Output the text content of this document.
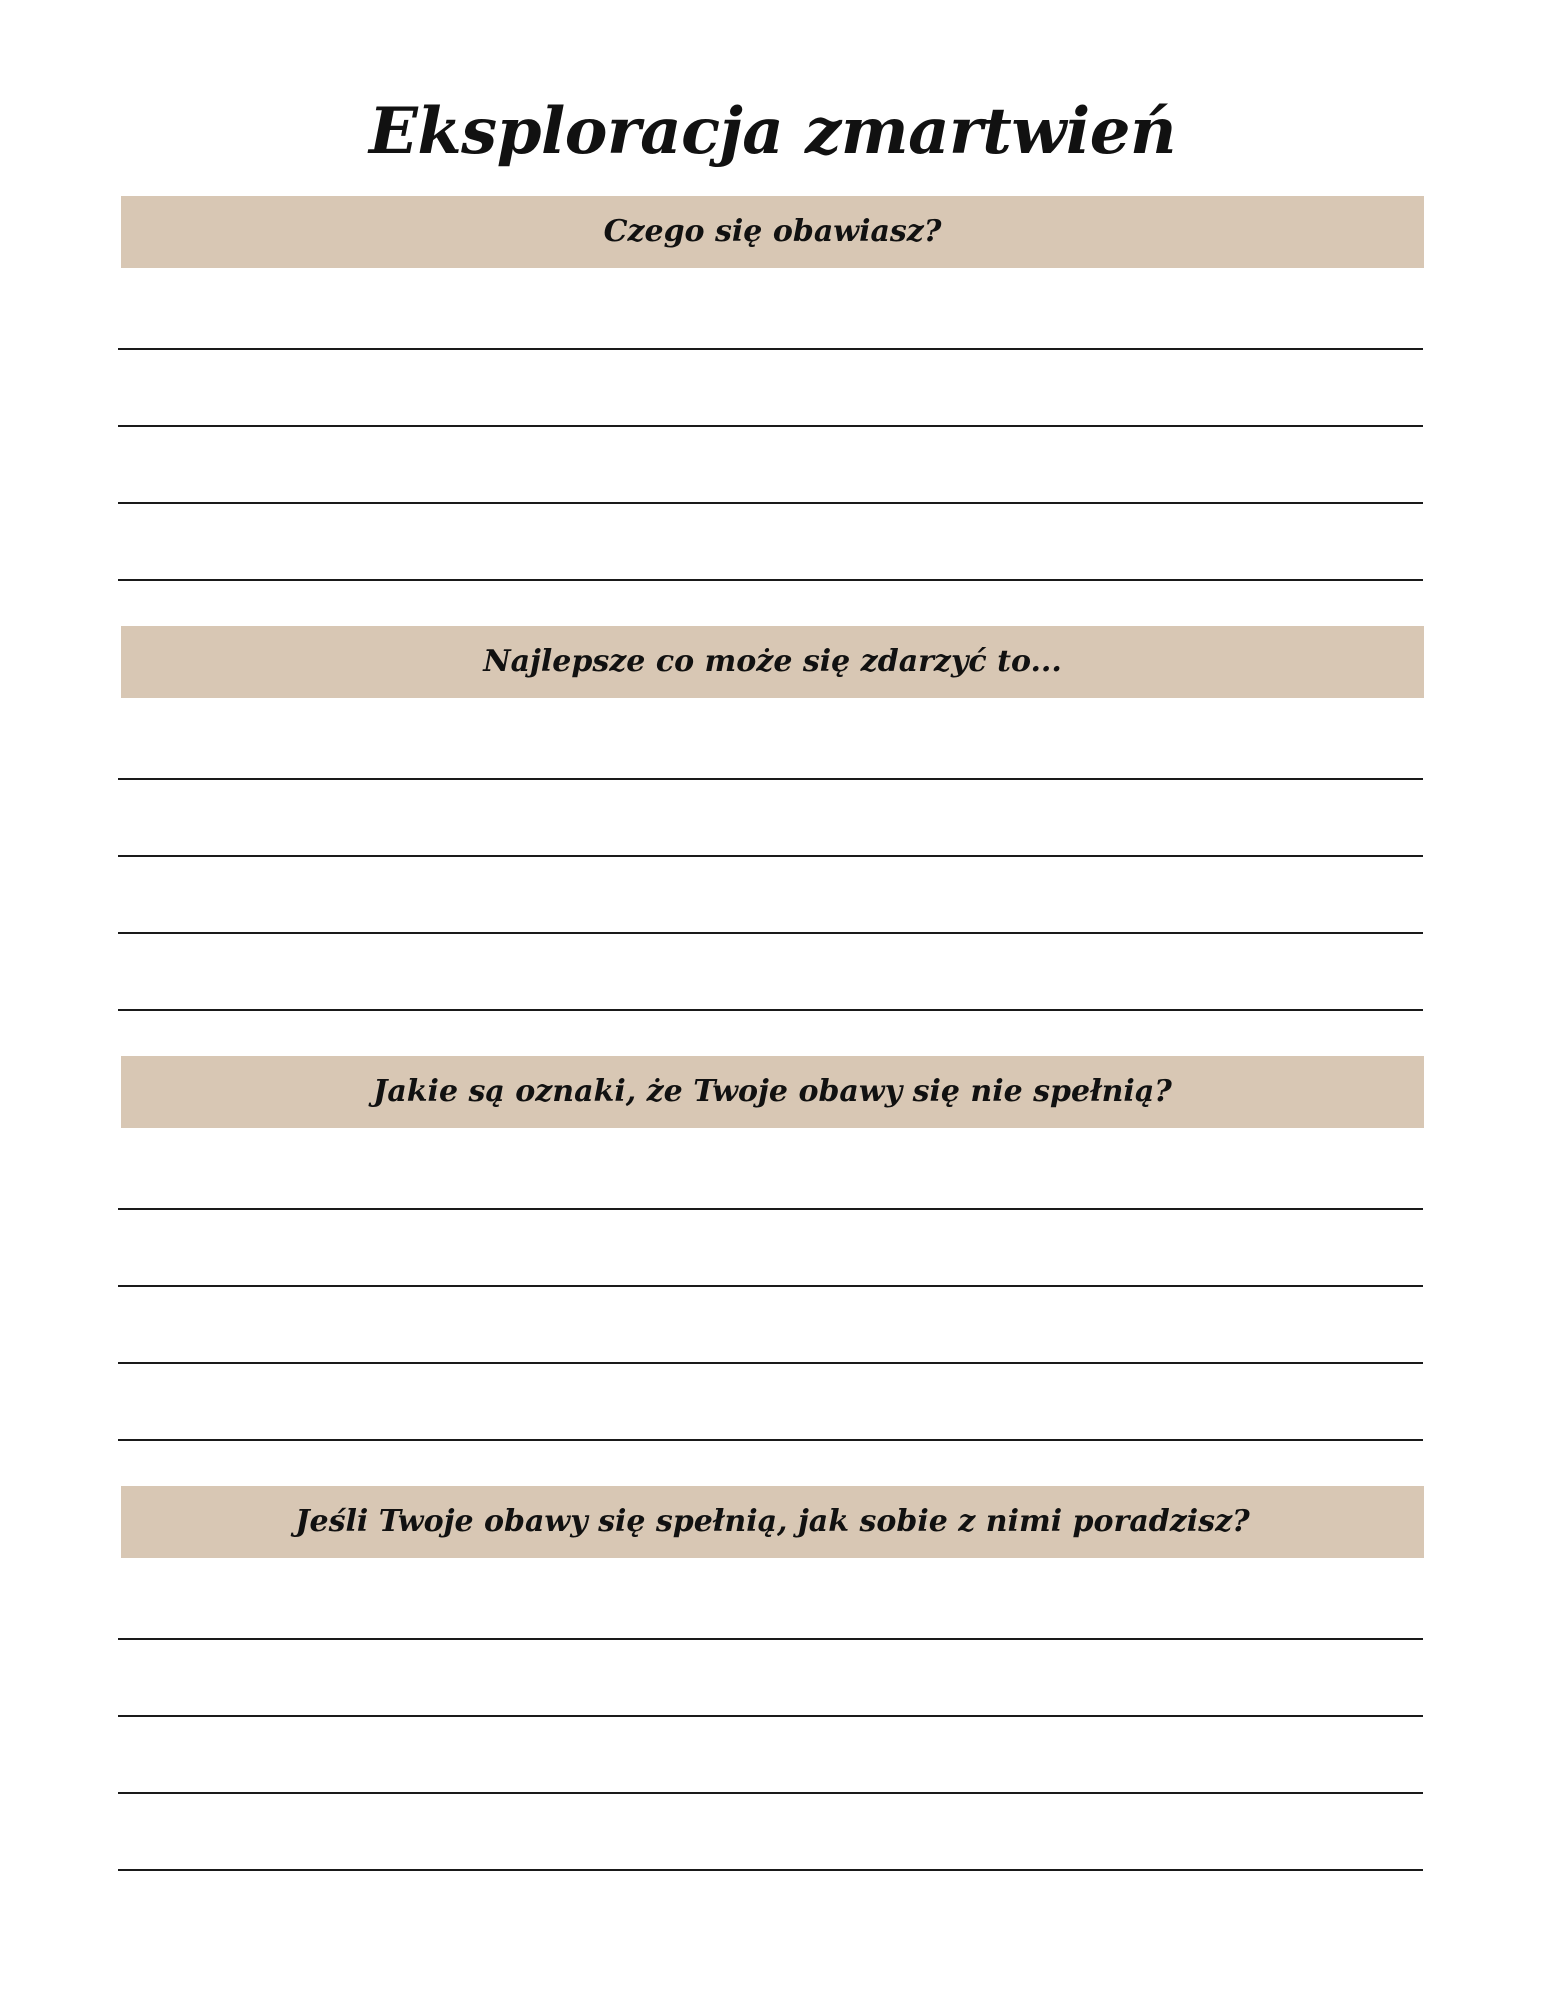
Eksploracja zmartwień
Czego się obawiasz?
Najlepsze co może się zdarzyć to...
Jakie są oznaki, że Twoje obawy się nie spełnią?
Jeśli Twoje obawy się spełnią, jak sobie z nimi poradzisz?
